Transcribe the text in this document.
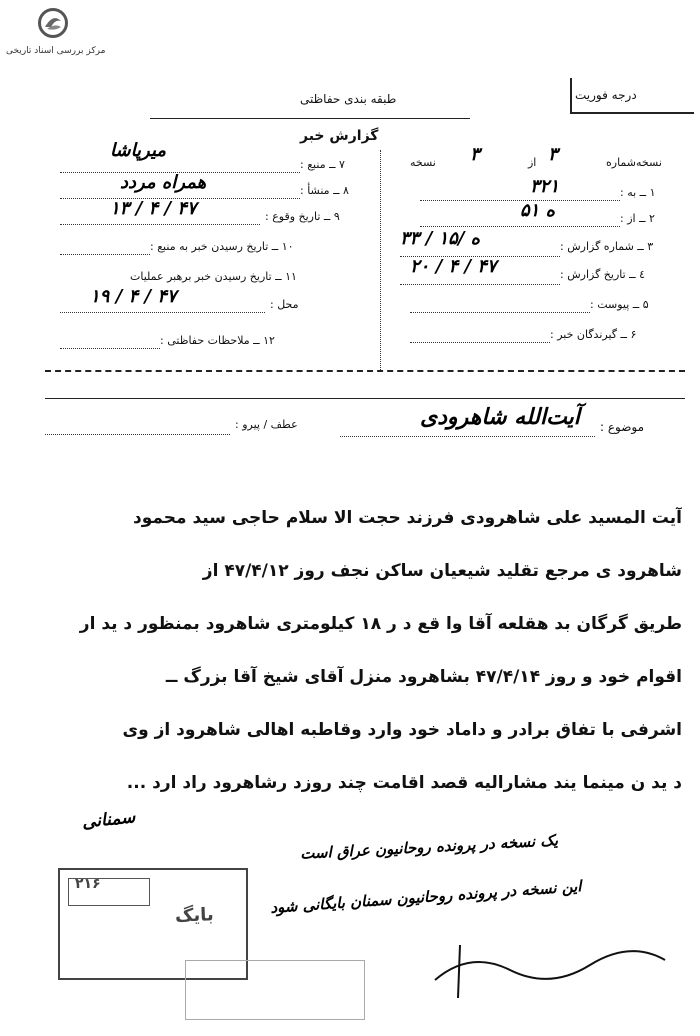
مرکز بررسی اسناد تاریخی
درجه فوریت
طبقه بندی حفاظتی
گزارش خبر
نسخه‌شماره
۳
از
۳
نسخه
۱ ــ به :
۳۲۱
۲ ــ از :
۵۱ ه
۳ ــ شماره گزارش :
۳۳ / ۱۵/ ه
٤ ــ تاریخ گزارش :
۲۰ / ۴ / ۴۷
۵ ــ پیوست :
۶ ــ گیرندگان خبر :
۷ ــ منبع :
میرپاشا
۸ ــ منشأ :
همراه مردد
۹ ــ تاریخ وقوع :
۱۳ / ۴ / ۴۷
۱۰ ــ تاریخ رسیدن خبر به منبع :
۱۱ ــ تاریخ رسیدن خبر برهبر عملیات
محل :
۱۹ / ۴ / ۴۷
۱۲ ــ ملاحظات حفاظتی :
موضوع :
آیت‌الله شاهرودی
عطف / پیرو :
آیت المسید علی شاهرودی فرزند حجت الا سلام حاجی سید محمود
شاهرود ی مرجع تقلید شیعیان ساکن نجف روز ۴۷/۴/۱۲ از
طریق گرگان بد هقلعه آقا وا قع د ر ۱۸ کیلومتری شاهرود بمنظور د ید ار
اقوام خود و روز ۴۷/۴/۱۴ بشاهرود منزل آقای شیخ آقا بزرگ ــ
اشرفی با تفاق برادر و داماد خود وارد وقاطبه اهالی شاهرود از وی
د ید ن مینما یند مشارالیه قصد اقامت چند روزد رشاهرود راد ارد ...
سمنانی
یک نسخه در پرونده روحانیون عراق است
این نسخه در پرونده روحانیون سمنان بایگانی شود
۲۱۶
بایگ
